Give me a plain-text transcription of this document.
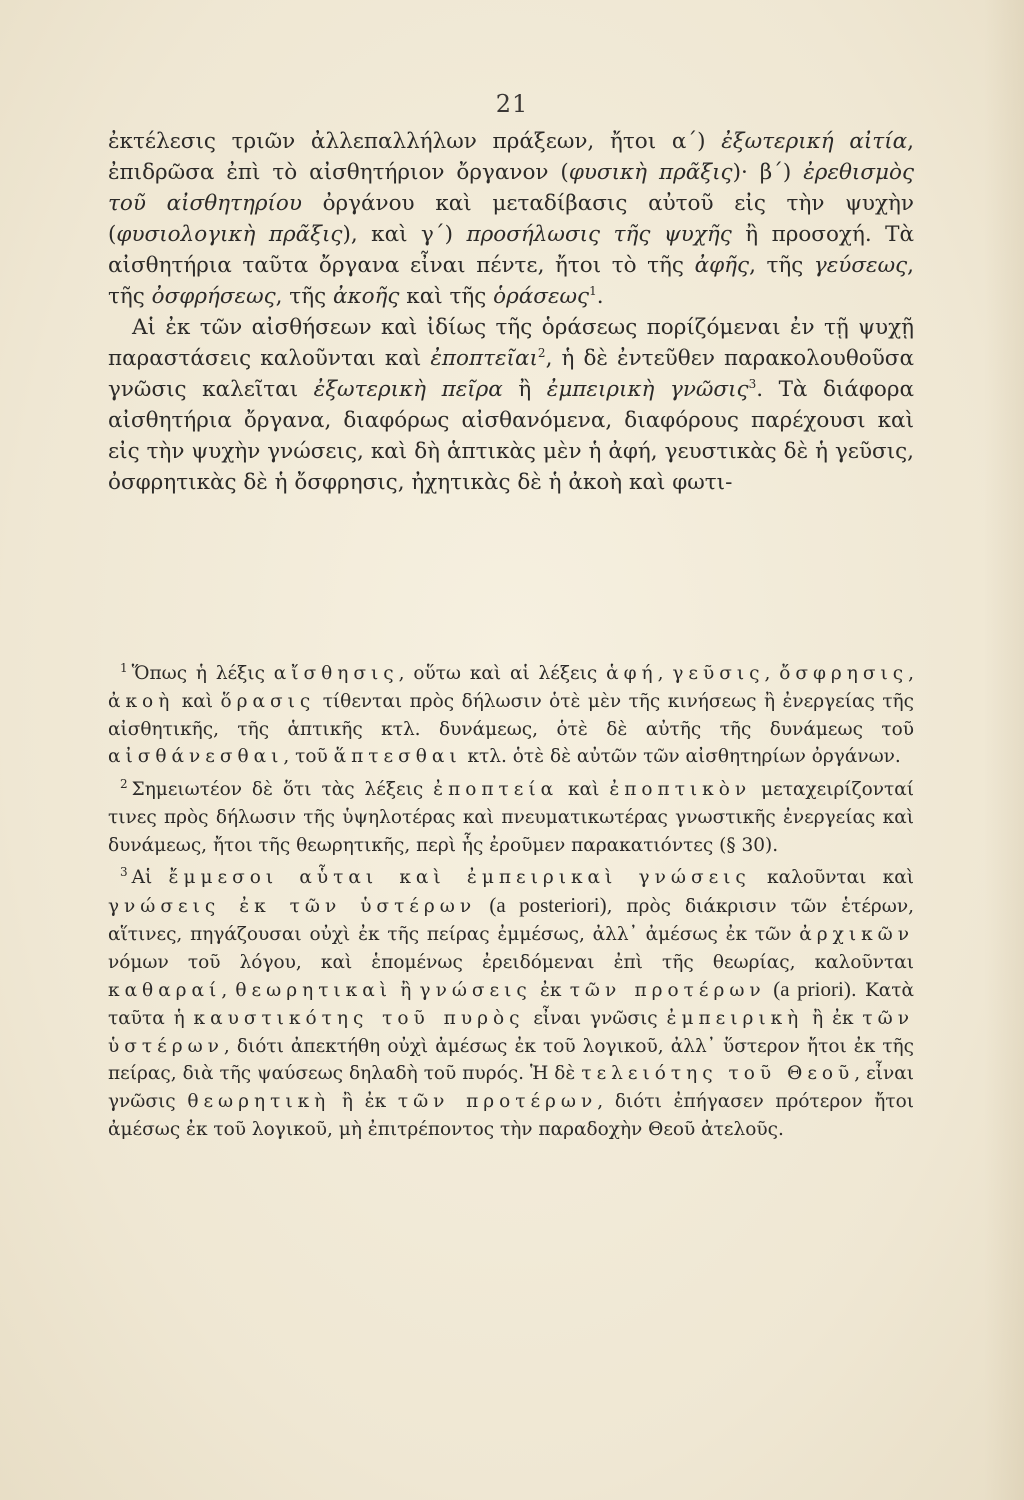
21

ἐκτέλεσις τριῶν ἀλλεπαλλήλων πράξεων, ἤτοι α΄) ἐξωτερική αἰτία, ἐπιδρῶσα ἐπὶ τὸ αἰσθητήριον ὄργανον (φυσικὴ πρᾶξις)· β΄) ἐρεθισμὸς τοῦ αἰσθητηρίου ὀργάνου καὶ μεταδίβασις αὐτοῦ εἰς τὴν ψυχὴν (φυσιολογικὴ πρᾶξις), καὶ γ΄) προσήλωσις τῆς ψυχῆς ἢ προσοχή. Τὰ αἰσθητήρια ταῦτα ὄργανα εἶναι πέντε, ἤτοι τὸ τῆς ἀφῆς, τῆς γεύσεως, τῆς ὀσφρήσεως, τῆς ἀκοῆς καὶ τῆς ὁράσεως$^1$.

Αἱ ἐκ τῶν αἰσθήσεων καὶ ἰδίως τῆς ὁράσεως πορίζόμεναι ἐν τῇ ψυχῇ παραστάσεις καλοῦνται καὶ ἐποπτεῖαι$^2$, ἡ δὲ ἐντεῦθεν παρακολουθοῦσα γνῶσις καλεῖται ἐξωτερικὴ πεῖρα ἢ ἐμπειρικὴ γνῶσις$^3$. Τὰ διάφορα αἰσθητήρια ὄργανα, διαφόρως αἰσθανόμενα, διαφόρους παρέχουσι καὶ εἰς τὴν ψυχὴν γνώσεις, καὶ δὴ ἁπτικὰς μὲν ἡ ἀφή, γευστικὰς δὲ ἡ γεῦσις, ὀσφρητικὰς δὲ ἡ ὄσφρησις, ἠχητικὰς δὲ ἡ ἀκοὴ καὶ φωτι-

$^1$ Ὅπως ἡ λέξις αἴσθησις, οὕτω καὶ αἱ λέξεις ἁφή, γεῦσις, ὄσφρησις, ἀκοὴ καὶ ὅρασις τίθενται πρὸς δήλωσιν ὁτὲ μὲν τῆς κινήσεως ἢ ἐνεργείας τῆς αἰσθητικῆς, τῆς ἁπτικῆς κτλ. δυνάμεως, ὁτὲ δὲ αὐτῆς τῆς δυνάμεως τοῦ αἰσθάνεσθαι, τοῦ ἅπτεσθαι κτλ. ὁτὲ δὲ αὐτῶν τῶν αἰσθητηρίων ὀργάνων.

$^2$ Σημειωτέον δὲ ὅτι τὰς λέξεις ἐποπτεία καὶ ἐποπτικὸν μεταχειρίζονταί τινες πρὸς δήλωσιν τῆς ὑψηλοτέρας καὶ πνευματικωτέρας γνωστικῆς ἐνεργείας καὶ δυνάμεως, ἤτοι τῆς θεωρητικῆς, περὶ ἧς ἐροῦμεν παρακατιόντες (§ 30).

$^3$ Αἱ ἔμμεσοι αὗται καὶ ἐμπειρικαὶ γνώσεις καλοῦνται καὶ γνώσεις ἐκ τῶν ὑστέρων (a posteriori), πρὸς διάκρισιν τῶν ἑτέρων, αἵτινες, πηγάζουσαι οὐχὶ ἐκ τῆς πείρας ἐμμέσως, ἀλλ᾽ ἀμέσως ἐκ τῶν ἀρχικῶν νόμων τοῦ λόγου, καὶ ἑπομένως ἐρειδόμεναι ἐπὶ τῆς θεωρίας, καλοῦνται καθαραί, θεωρητικαὶ ἢ γνώσεις ἐκ τῶν προτέρων (a priori). Κατὰ ταῦτα ἡ καυστικότης τοῦ πυρὸς εἶναι γνῶσις ἐμπειρικὴ ἢ ἐκ τῶν ὑστέρων, διότι ἀπεκτήθη οὐχὶ ἀμέσως ἐκ τοῦ λογικοῦ, ἀλλ᾽ ὕστερον ἤτοι ἐκ τῆς πείρας, διὰ τῆς ψαύσεως δηλαδὴ τοῦ πυρός. Ἡ δὲ τελειότης τοῦ Θεοῦ, εἶναι γνῶσις θεωρητικὴ ἢ ἐκ τῶν προτέρων, διότι ἐπήγασεν πρότερον ἤτοι ἀμέσως ἐκ τοῦ λογικοῦ, μὴ ἐπιτρέποντος τὴν παραδοχὴν Θεοῦ ἀτελοῦς.
